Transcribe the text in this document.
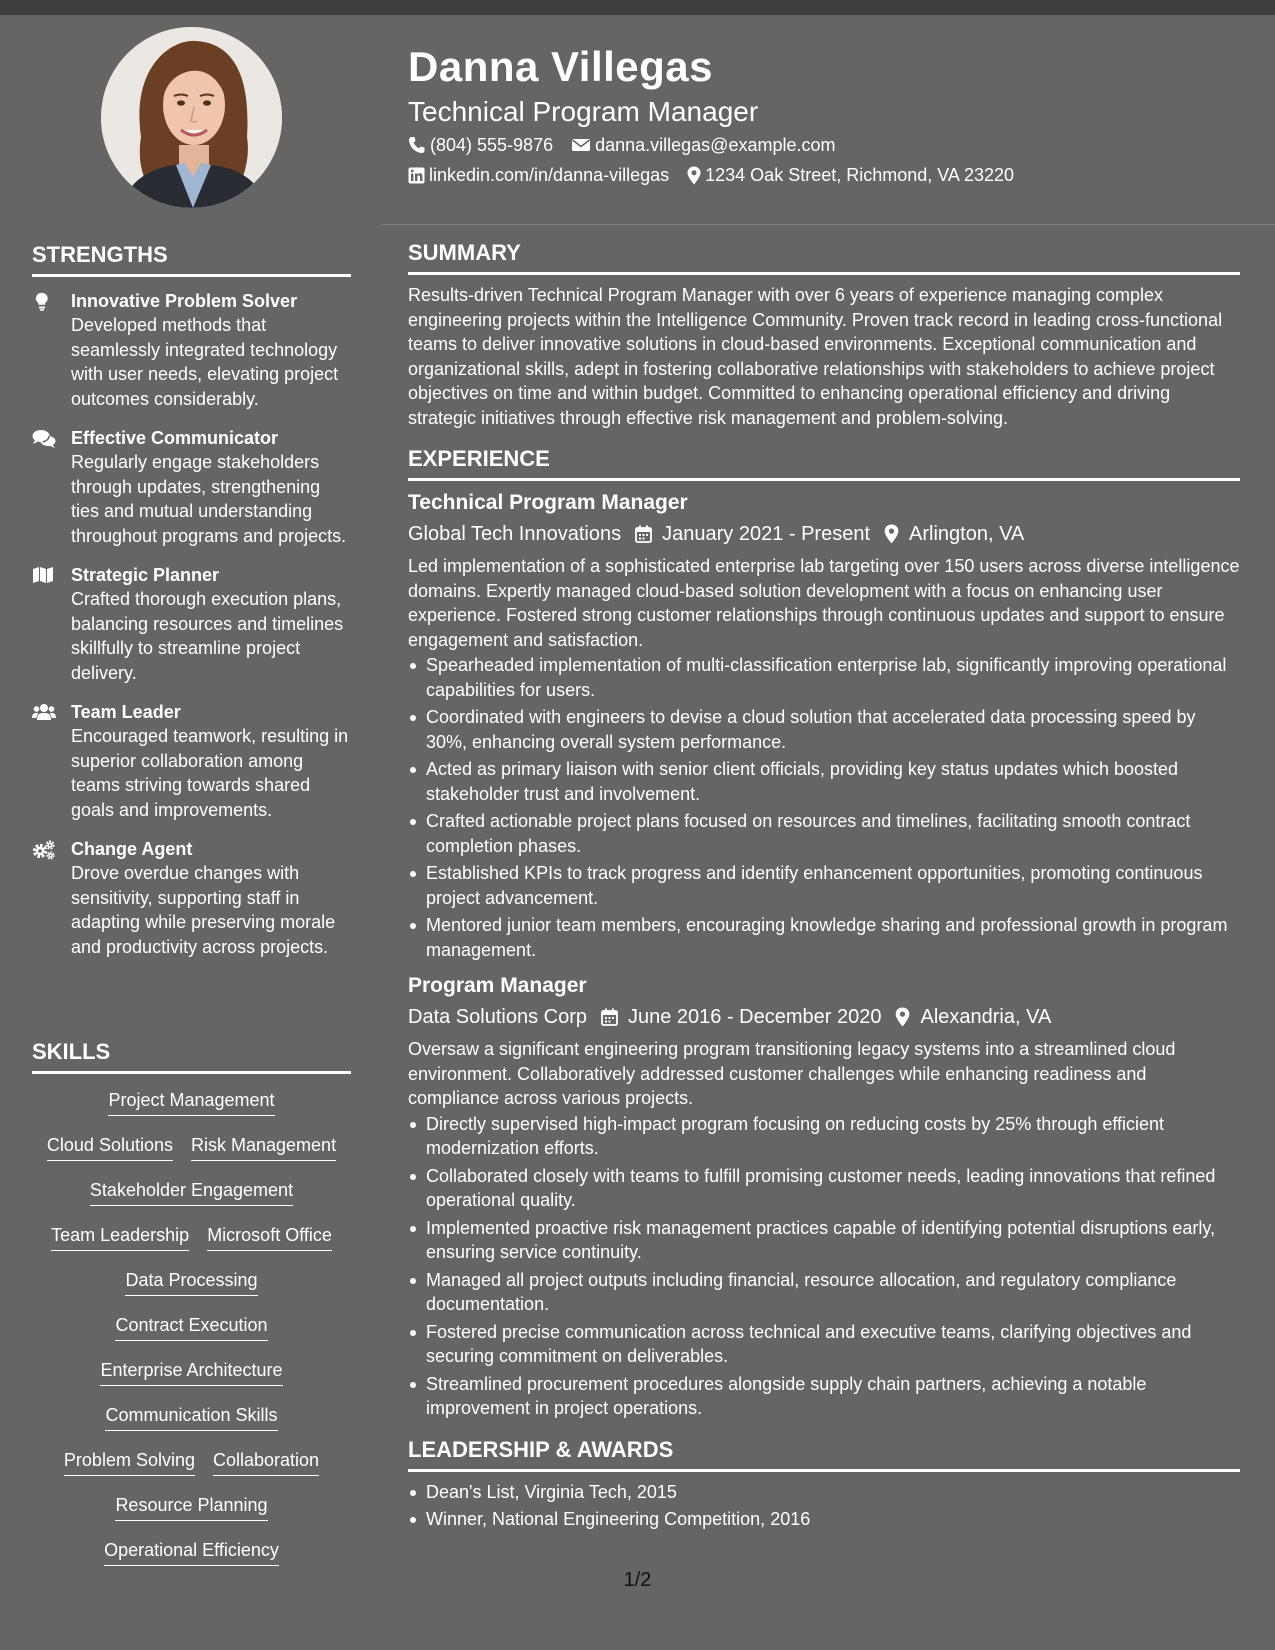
STRENGTHS
Innovative Problem Solver
Developed methods that seamlessly integrated technology with user needs, elevating project outcomes considerably.
Effective Communicator
Regularly engage stakeholders through updates, strengthening ties and mutual understanding throughout programs and projects.
Strategic Planner
Crafted thorough execution plans, balancing resources and timelines skillfully to streamline project delivery.
Team Leader
Encouraged teamwork, resulting in superior collaboration among teams striving towards shared goals and improvements.
Change Agent
Drove overdue changes with sensitivity, supporting staff in adapting while preserving morale and productivity across projects.
SKILLS
Project Management
Cloud Solutions Risk Management
Stakeholder Engagement
Team Leadership Microsoft Office
Data Processing
Contract Execution
Enterprise Architecture
Communication Skills
Problem Solving Collaboration
Resource Planning
Operational Efficiency
Danna Villegas
Technical Program Manager
(804) 555-9876 danna.villegas@example.com
linkedin.com/in/danna-villegas 1234 Oak Street, Richmond, VA 23220
SUMMARY
Results-driven Technical Program Manager with over 6 years of experience managing complex engineering projects within the Intelligence Community. Proven track record in leading cross-functional teams to deliver innovative solutions in cloud-based environments. Exceptional communication and organizational skills, adept in fostering collaborative relationships with stakeholders to achieve project objectives on time and within budget. Committed to enhancing operational efficiency and driving strategic initiatives through effective risk management and problem-solving.
EXPERIENCE
Technical Program Manager
Global Tech Innovations January 2021 - Present Arlington, VA
Led implementation of a sophisticated enterprise lab targeting over 150 users across diverse intelligence domains. Expertly managed cloud-based solution development with a focus on enhancing user experience. Fostered strong customer relationships through continuous updates and support to ensure engagement and satisfaction.
Spearheaded implementation of multi-classification enterprise lab, significantly improving operational capabilities for users.
Coordinated with engineers to devise a cloud solution that accelerated data processing speed by 30%, enhancing overall system performance.
Acted as primary liaison with senior client officials, providing key status updates which boosted stakeholder trust and involvement.
Crafted actionable project plans focused on resources and timelines, facilitating smooth contract completion phases.
Established KPIs to track progress and identify enhancement opportunities, promoting continuous project advancement.
Mentored junior team members, encouraging knowledge sharing and professional growth in program management.
Program Manager
Data Solutions Corp June 2016 - December 2020 Alexandria, VA
Oversaw a significant engineering program transitioning legacy systems into a streamlined cloud environment. Collaboratively addressed customer challenges while enhancing readiness and compliance across various projects.
Directly supervised high-impact program focusing on reducing costs by 25% through efficient modernization efforts.
Collaborated closely with teams to fulfill promising customer needs, leading innovations that refined operational quality.
Implemented proactive risk management practices capable of identifying potential disruptions early, ensuring service continuity.
Managed all project outputs including financial, resource allocation, and regulatory compliance documentation.
Fostered precise communication across technical and executive teams, clarifying objectives and securing commitment on deliverables.
Streamlined procurement procedures alongside supply chain partners, achieving a notable improvement in project operations.
LEADERSHIP & AWARDS
Dean's List, Virginia Tech, 2015
Winner, National Engineering Competition, 2016
1/2
